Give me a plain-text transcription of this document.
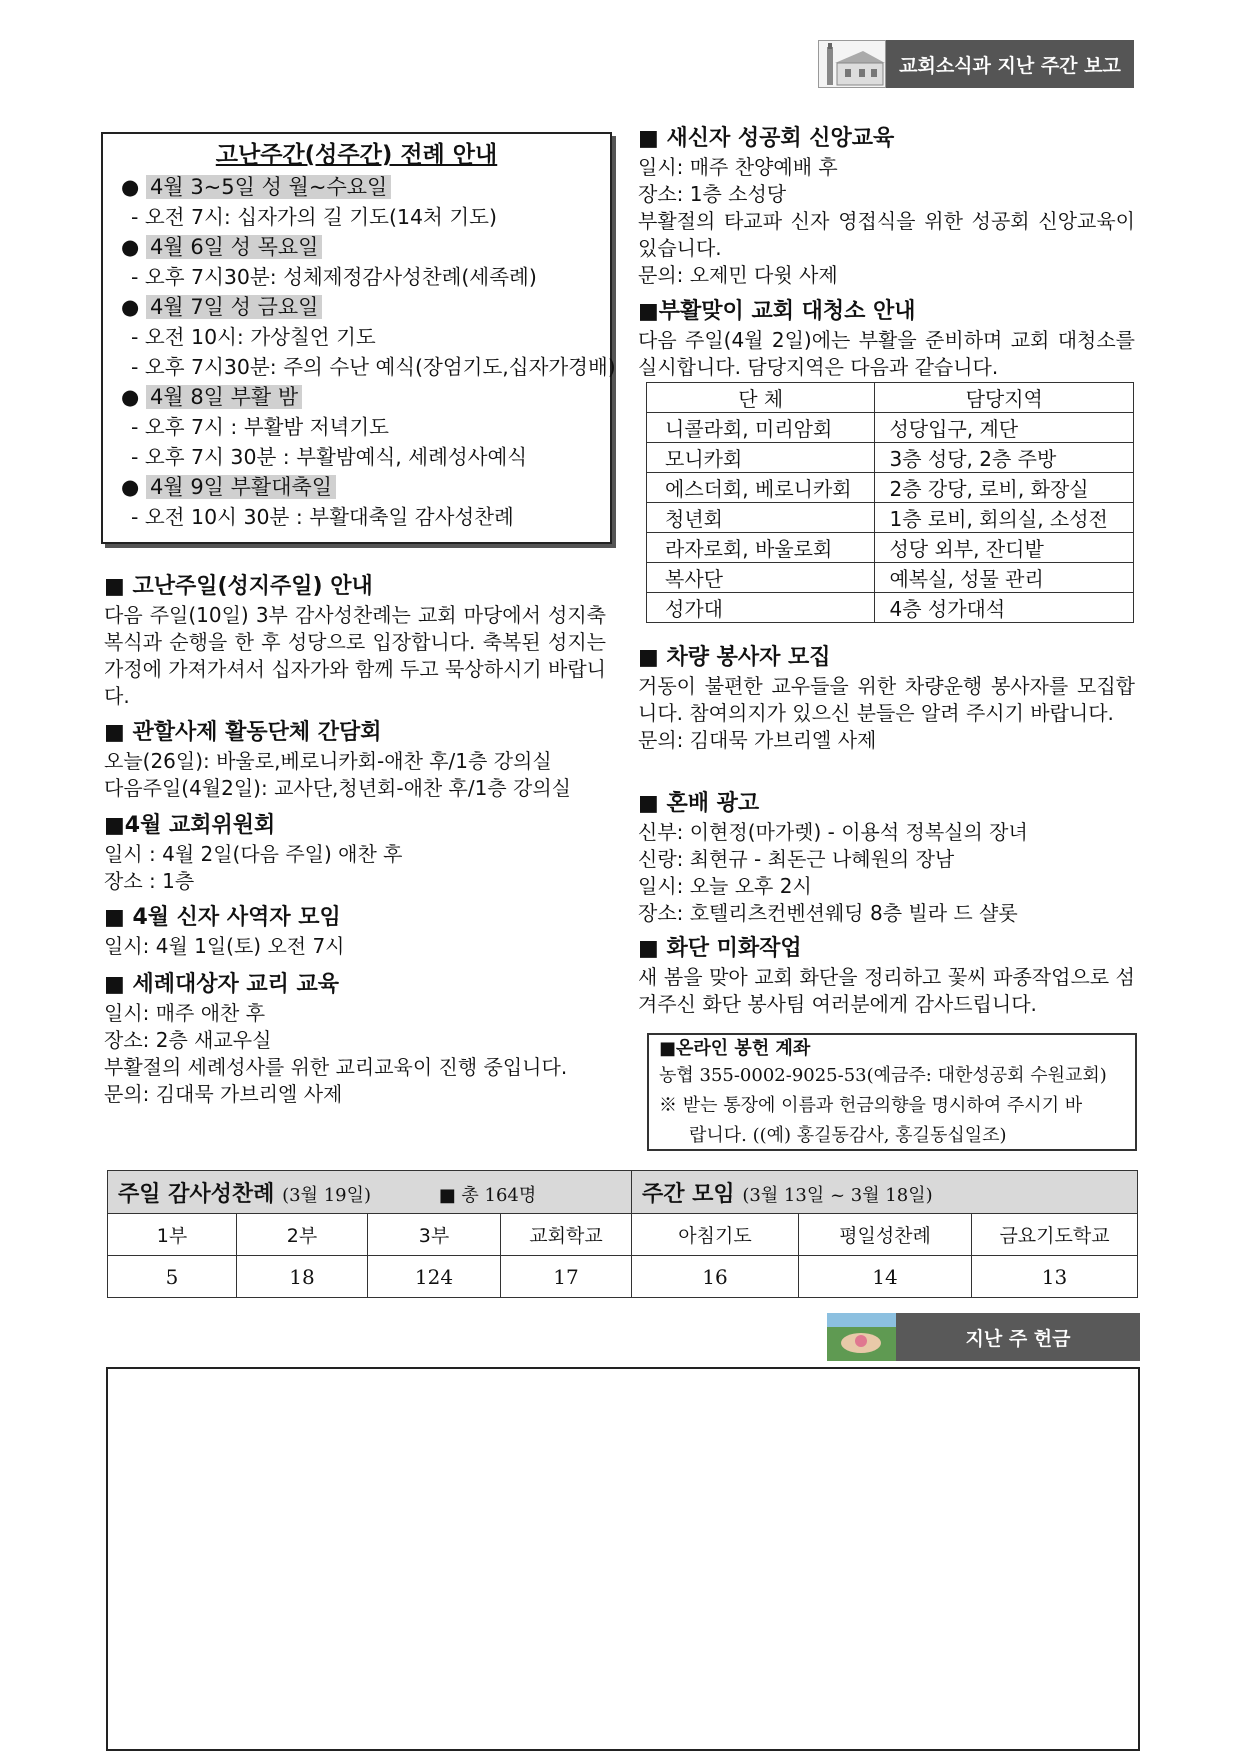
교회소식과 지난 주간 보고
고난주간(성주간) 전례 안내
● 4월 3~5일 성 월~수요일
- 오전 7시: 십자가의 길 기도(14처 기도)
● 4월 6일 성 목요일
- 오후 7시30분: 성체제정감사성찬례(세족례)
● 4월 7일 성 금요일
- 오전 10시: 가상칠언 기도
- 오후 7시30분: 주의 수난 예식(장엄기도,십자가경배)
● 4월 8일 부활 밤
- 오후 7시 : 부활밤 저녁기도
- 오후 7시 30분 : 부활밤예식, 세례성사예식
● 4월 9일 부활대축일
- 오전 10시 30분 : 부활대축일 감사성찬례
■ 고난주일(성지주일) 안내
다음 주일(10일) 3부 감사성찬례는 교회 마당에서 성지축복식과 순행을 한 후 성당으로 입장합니다. 축복된 성지는 가정에 가져가셔서 십자가와 함께 두고 묵상하시기 바랍니다.
■ 관할사제 활동단체 간담회
오늘(26일): 바울로,베로니카회-애찬 후/1층 강의실
다음주일(4월2일): 교사단,청년회-애찬 후/1층 강의실
■4월 교회위원회
일시 : 4월 2일(다음 주일) 애찬 후
장소 : 1층
■ 4월 신자 사역자 모임
일시: 4월 1일(토) 오전 7시
■ 세례대상자 교리 교육
일시: 매주 애찬 후
장소: 2층 새교우실
부활절의 세례성사를 위한 교리교육이 진행 중입니다.
문의: 김대묵 가브리엘 사제
■ 새신자 성공회 신앙교육
일시: 매주 찬양예배 후
장소: 1층 소성당
부활절의 타교파 신자 영접식을 위한 성공회 신앙교육이 있습니다.
문의: 오제민 다윗 사제
■부활맞이 교회 대청소 안내
다음 주일(4월 2일)에는 부활을 준비하며 교회 대청소를 실시합니다. 담당지역은 다음과 같습니다.
단 체	담당지역
니콜라회, 미리암회	성당입구, 계단
모니카회	3층 성당, 2층 주방
에스더회, 베로니카회	2층 강당, 로비, 화장실
청년회	1층 로비, 회의실, 소성전
라자로회, 바울로회	성당 외부, 잔디밭
복사단	예복실, 성물 관리
성가대	4층 성가대석
■ 차량 봉사자 모집
거동이 불편한 교우들을 위한 차량운행 봉사자를 모집합니다. 참여의지가 있으신 분들은 알려 주시기 바랍니다.
문의: 김대묵 가브리엘 사제
■ 혼배 광고
신부: 이현정(마가렛) - 이용석 정복실의 장녀
신랑: 최현규 - 최돈근 나혜원의 장남
일시: 오늘 오후 2시
장소: 호텔리츠컨벤션웨딩 8층 빌라 드 샬롯
■ 화단 미화작업
새 봄을 맞아 교회 화단을 정리하고 꽃씨 파종작업으로 섬겨주신 화단 봉사팀 여러분에게 감사드립니다.
■온라인 봉헌 계좌
농협 355-0002-9025-53(예금주: 대한성공회 수원교회)
※ 받는 통장에 이름과 헌금의향을 명시하여 주시기 바
랍니다. ((예) 홍길동감사, 홍길동십일조)
주일 감사성찬례 (3월 19일) ■ 총 164명				주간 모임 (3월 13일 ~ 3월 18일)		
1부	2부	3부	교회학교	아침기도	평일성찬례	금요기도학교
5	18	124	17	16	14	13
지난 주 헌금
